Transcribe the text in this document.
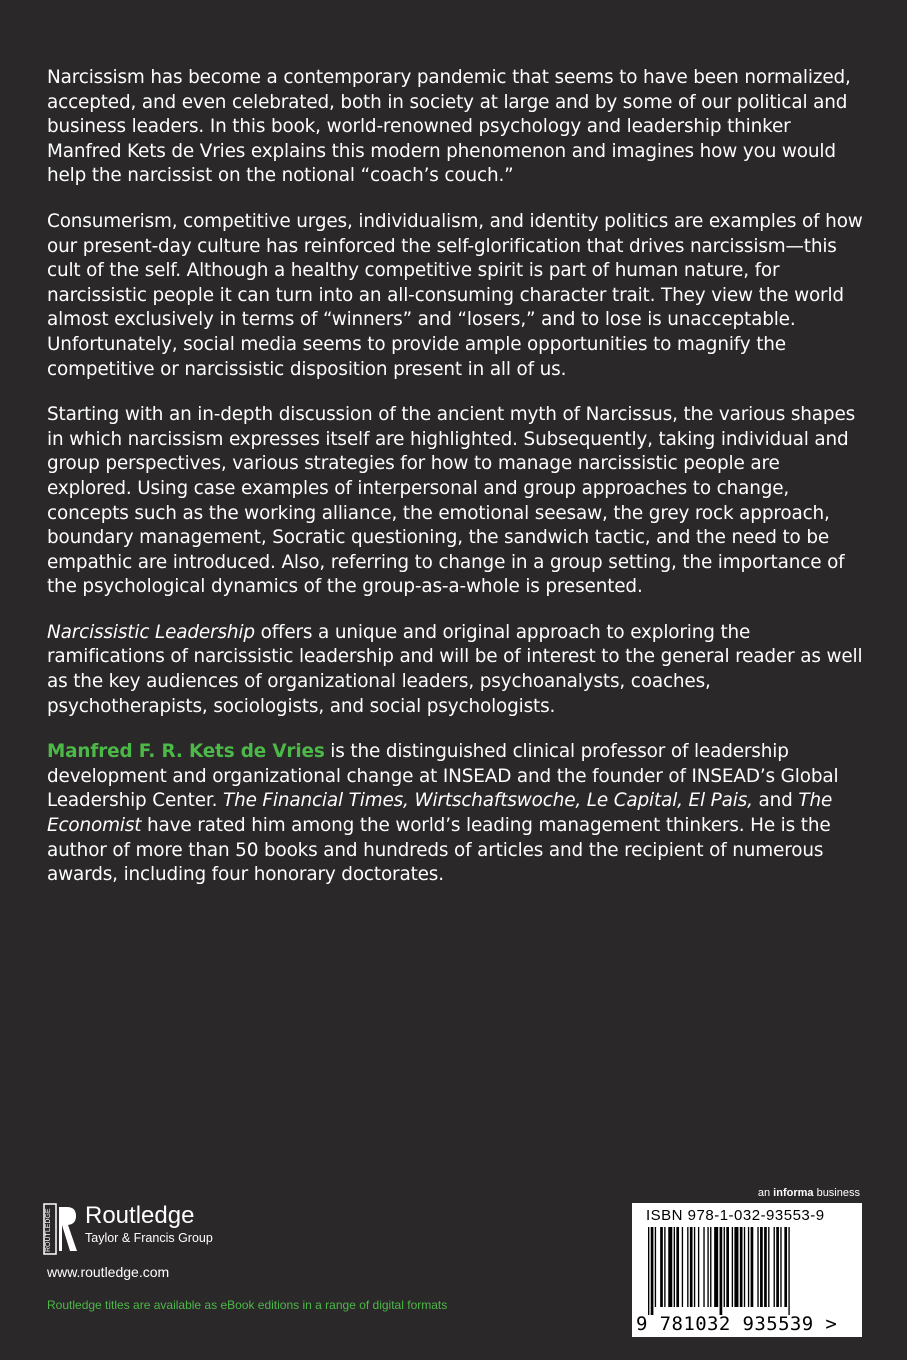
Narcissism has become a contemporary pandemic that seems to have been normalized, accepted, and even celebrated, both in society at large and by some of our political and business leaders. In this book, world-renowned psychology and leadership thinker Manfred Kets de Vries explains this modern phenomenon and imagines how you would help the narcissist on the notional “coach’s couch.”

Consumerism, competitive urges, individualism, and identity politics are examples of how our present-day culture has reinforced the self-glorification that drives narcissism—this cult of the self. Although a healthy competitive spirit is part of human nature, for narcissistic people it can turn into an all-consuming character trait. They view the world almost exclusively in terms of “winners” and “losers,” and to lose is unacceptable. Unfortunately, social media seems to provide ample opportunities to magnify the competitive or narcissistic disposition present in all of us.

Starting with an in-depth discussion of the ancient myth of Narcissus, the various shapes in which narcissism expresses itself are highlighted. Subsequently, taking individual and group perspectives, various strategies for how to manage narcissistic people are explored. Using case examples of interpersonal and group approaches to change, concepts such as the working alliance, the emotional seesaw, the grey rock approach, boundary management, Socratic questioning, the sandwich tactic, and the need to be empathic are introduced. Also, referring to change in a group setting, the importance of the psychological dynamics of the group-as-a-whole is presented.

Narcissistic Leadership offers a unique and original approach to exploring the ramifications of narcissistic leadership and will be of interest to the general reader as well as the key audiences of organizational leaders, psychoanalysts, coaches, psychotherapists, sociologists, and social psychologists.

Manfred F. R. Kets de Vries is the distinguished clinical professor of leadership development and organizational change at INSEAD and the founder of INSEAD’s Global Leadership Center. The Financial Times, Wirtschaftswoche, Le Capital, El Pais, and The Economist have rated him among the world’s leading management thinkers. He is the author of more than 50 books and hundreds of articles and the recipient of numerous awards, including four honorary doctorates.

ROUTLEDGE Routledge
Taylor & Francis Group
www.routledge.com
Routledge titles are available as eBook editions in a range of digital formats
an informa business
ISBN 978-1-032-93553-9
9 781032 935539 >
